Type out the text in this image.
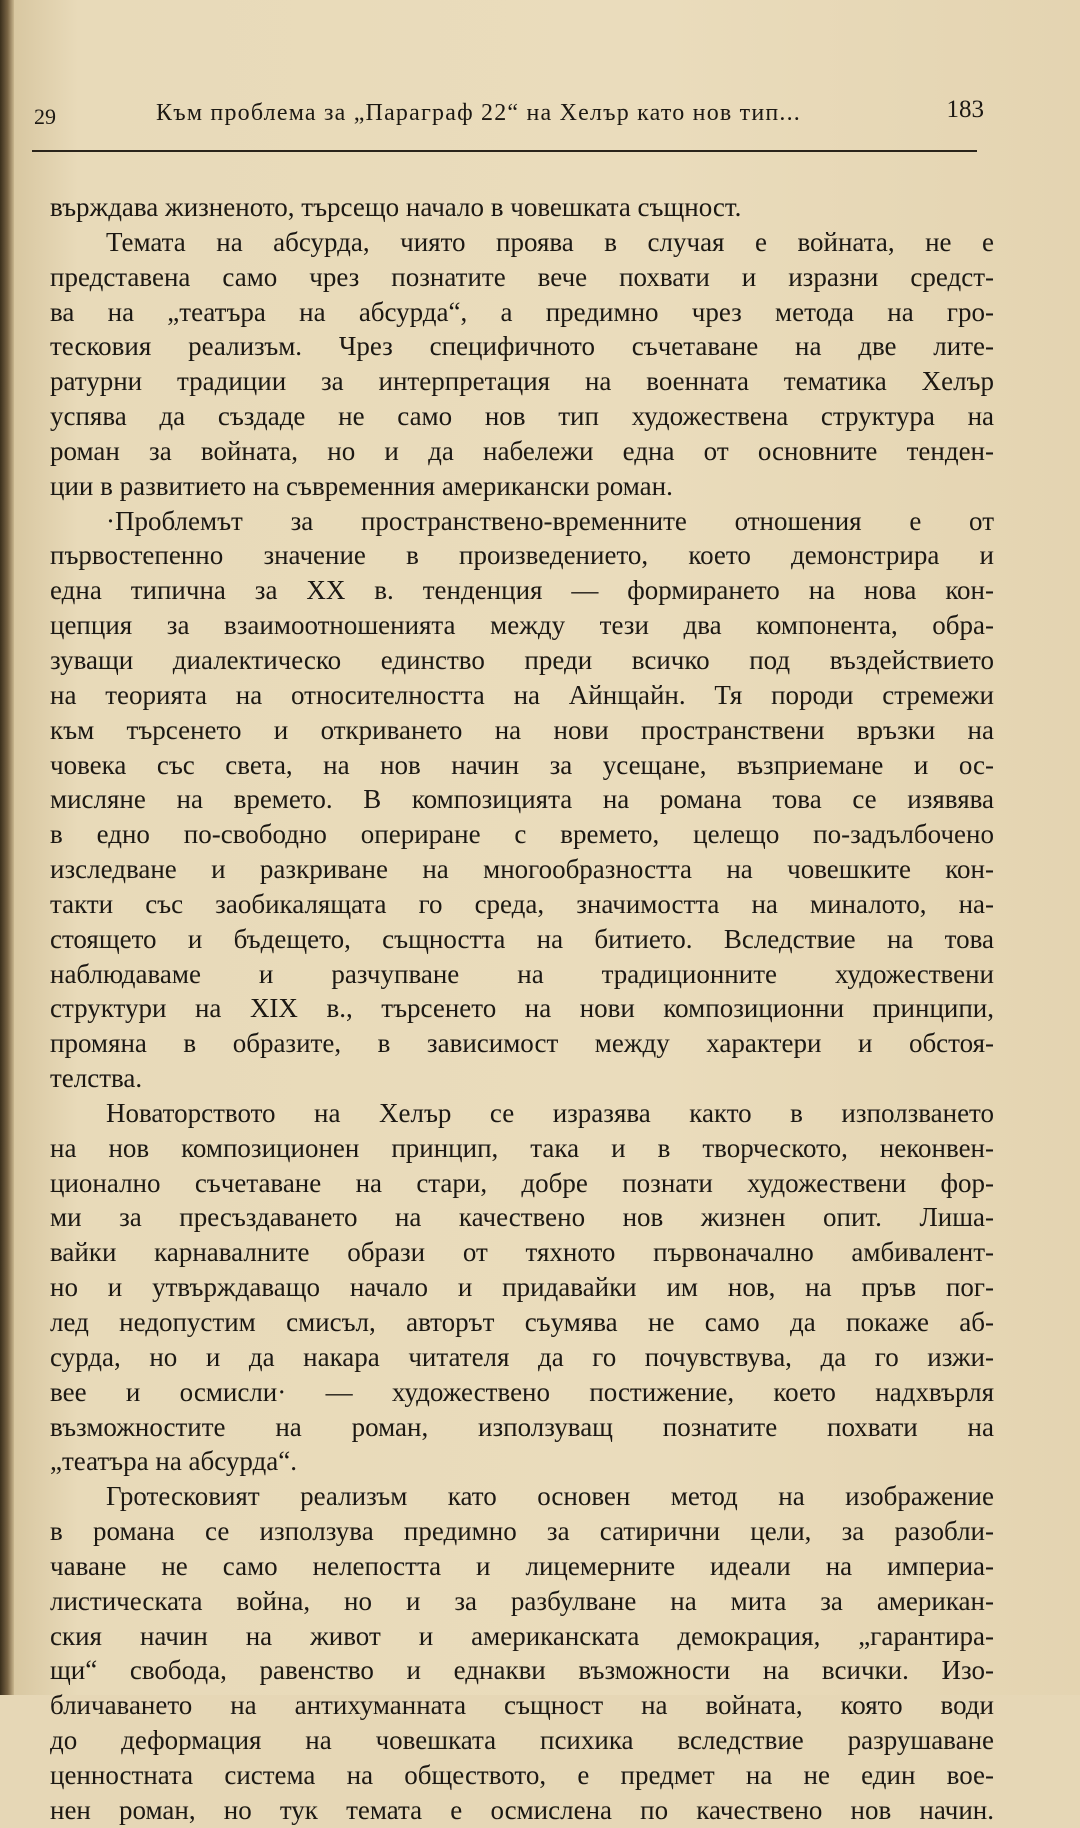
29	Към проблема за „Параграф 22“ на Хелър като нов тип...	183
въpждава жизненото, търсещо начало в човешката същност.
Темата на абсурда, чиято проява в случая е войната, не е
представена само чрез познатите вече похвати и изразни средст-
ва на „театъра на абсурда“, а предимно чрез метода на гро-
тесковия реализъм. Чрез специфичното съчетаване на две лите-
ратурни традиции за интерпретация на военната тематика Хелър
успява да създаде не само нов тип художествена структура на
роман за войната, но и да набележи една от основните тенден-
ции в развитието на съвременния американски роман.
·Проблемът за пространствено-временните отношения е от
първостепенно значение в произведението, което демонстрира и
една типична за XX в. тенденция — формирането на нова кон-
цепция за взаимоотношенията между тези два компонента, обра-
зуващи диалектическо единство преди всичко под въздействието
на теорията на относителността на Айнщайн. Тя породи стремежи
към търсенето и откриването на нови пространствени връзки на
човека със света, на нов начин за усещане, възприемане и ос-
мисляне на времето. В композицията на романа това се изявява
в едно по-свободно опериране с времето, целещо по-задълбочено
изследване и разкриване на многообразността на човешките кон-
такти със заобикалящата го среда, значимостта на миналото, на-
стоящето и бъдещето, същността на битието. Вследствие на това
наблюдаваме и разчупване на традиционните художествени
структури на XIX в., търсенето на нови композиционни принципи,
промяна в образите, в зависимост между характери и обстоя-
телства.
Новаторството на Хелър се изразява както в използването
на нов композиционен принцип, така и в творческото, неконвен-
ционално съчетаване на стари, добре познати художествени фор-
ми за пресъздаването на качествено нов жизнен опит. Лиша-
вайки карнавалните образи от тяхното първоначално амбивалент-
но и утвърждаващо начало и придавайки им нов, на пръв пог-
лед недопустим смисъл, авторът съумява не само да покаже аб-
сурда, но и да накара читателя да го почувствува, да го изжи-
вее и осмисли· — художествено постижение, което надхвърля
възможностите на роман, използуващ познатите похвати на
„театъра на абсурда“.
Гротесковият реализъм като основен метод на изображение
в романа се използува предимно за сатирични цели, за разобли-
чаване не само нелепостта и лицемерните идеали на империа-
листическата война, но и за разбулване на мита за американ-
ския начин на живот и американската демокрация, „гарантира-
щи“ свобода, равенство и еднакви възможности на всички. Изо-
бличаването на антихуманната същност на войната, която води
до деформация на човешката психика вследствие разрушаване
ценностната система на обществото, е предмет на не един вое-
нен роман, но тук темата е осмислена по качествено нов начин.
